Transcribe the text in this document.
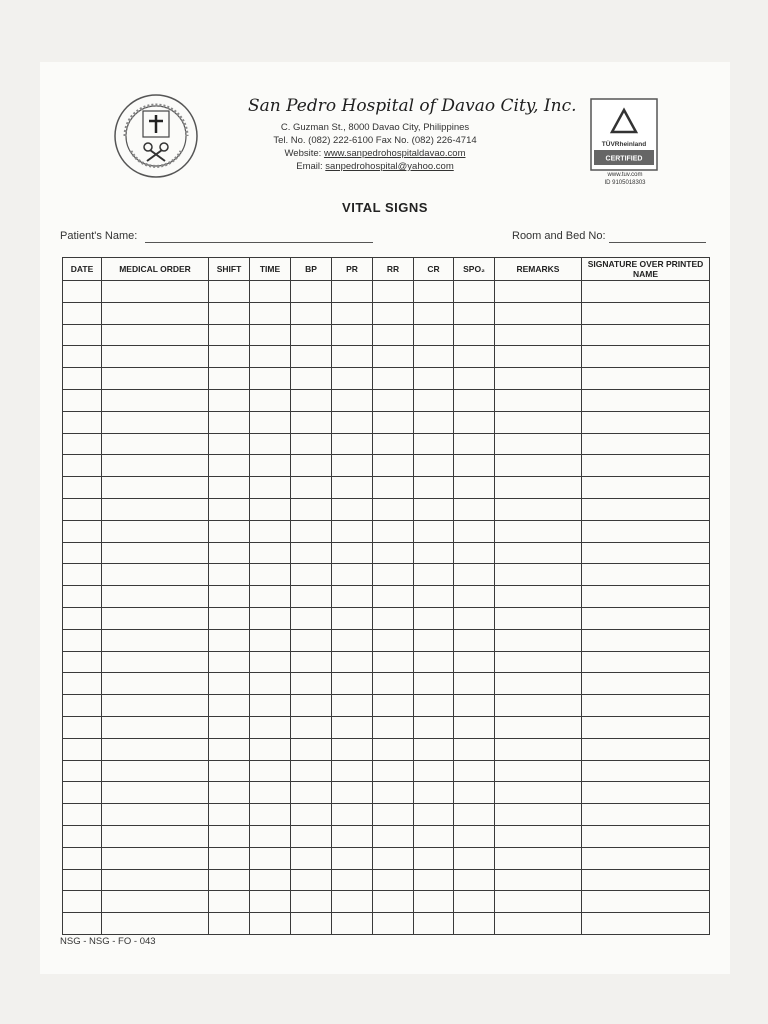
San Pedro Hospital of Davao City, Inc.
C. Guzman St., 8000 Davao City, Philippines
Tel. No. (082) 222-6100 Fax No. (082) 226-4714
Website: www.sanpedrohospitaldavao.com
Email: sanpedrohospital@yahoo.com
TÜVRheinland
CERTIFIED
www.tuv.com
ID 9105018303
VITAL SIGNS
Patient's Name:	Room and Bed No:
DATE	MEDICAL ORDER	SHIFT	TIME	BP	PR	RR	CR	SPO₂	REMARKS	SIGNATURE OVER PRINTED NAME

NSG - NSG - FO - 043
